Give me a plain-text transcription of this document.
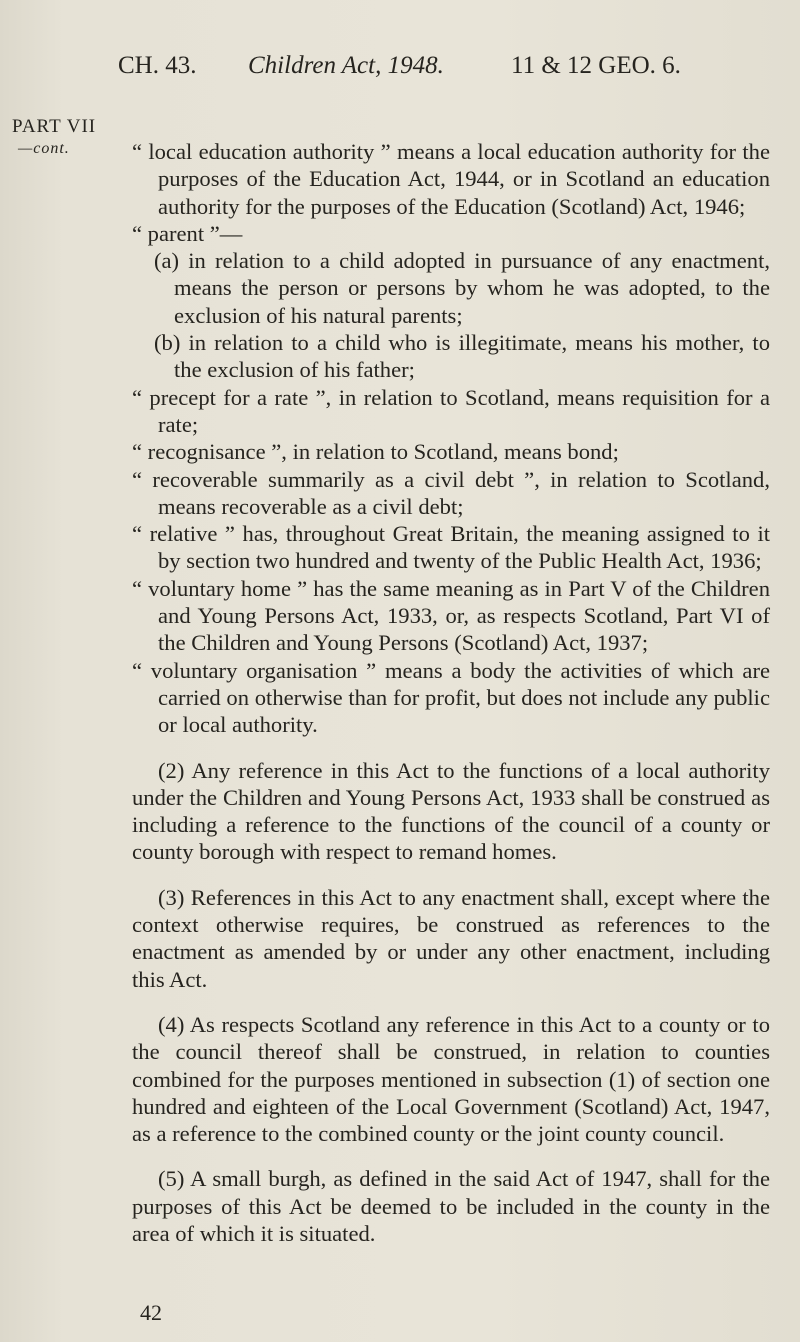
PART VII
—cont.
CH. 43. Children Act, 1948.	11 & 12 GEO. 6.

“ local education authority ” means a local education authority for the purposes of the Education Act, 1944, or in Scotland an education authority for the purposes of the Education (Scotland) Act, 1946;

“ parent ”—

(a) in relation to a child adopted in pursuance of any enactment, means the person or persons by whom he was adopted, to the exclusion of his natural parents;

(b) in relation to a child who is illegitimate, means his mother, to the exclusion of his father;

“ precept for a rate ”, in relation to Scotland, means requisition for a rate;

“ recognisance ”, in relation to Scotland, means bond;

“ recoverable summarily as a civil debt ”, in relation to Scotland, means recoverable as a civil debt;

“ relative ” has, throughout Great Britain, the meaning assigned to it by section two hundred and twenty of the Public Health Act, 1936;

“ voluntary home ” has the same meaning as in Part V of the Children and Young Persons Act, 1933, or, as respects Scotland, Part VI of the Children and Young Persons (Scotland) Act, 1937;

“ voluntary organisation ” means a body the activities of which are carried on otherwise than for profit, but does not include any public or local authority.

(2) Any reference in this Act to the functions of a local authority under the Children and Young Persons Act, 1933 shall be construed as including a reference to the functions of the council of a county or county borough with respect to remand homes.

(3) References in this Act to any enactment shall, except where the context otherwise requires, be construed as references to the enactment as amended by or under any other enactment, including this Act.

(4) As respects Scotland any reference in this Act to a county or to the council thereof shall be construed, in relation to counties combined for the purposes mentioned in subsection (1) of section one hundred and eighteen of the Local Government (Scotland) Act, 1947, as a reference to the combined county or the joint county council.

(5) A small burgh, as defined in the said Act of 1947, shall for the purposes of this Act be deemed to be included in the county in the area of which it is situated.

42
